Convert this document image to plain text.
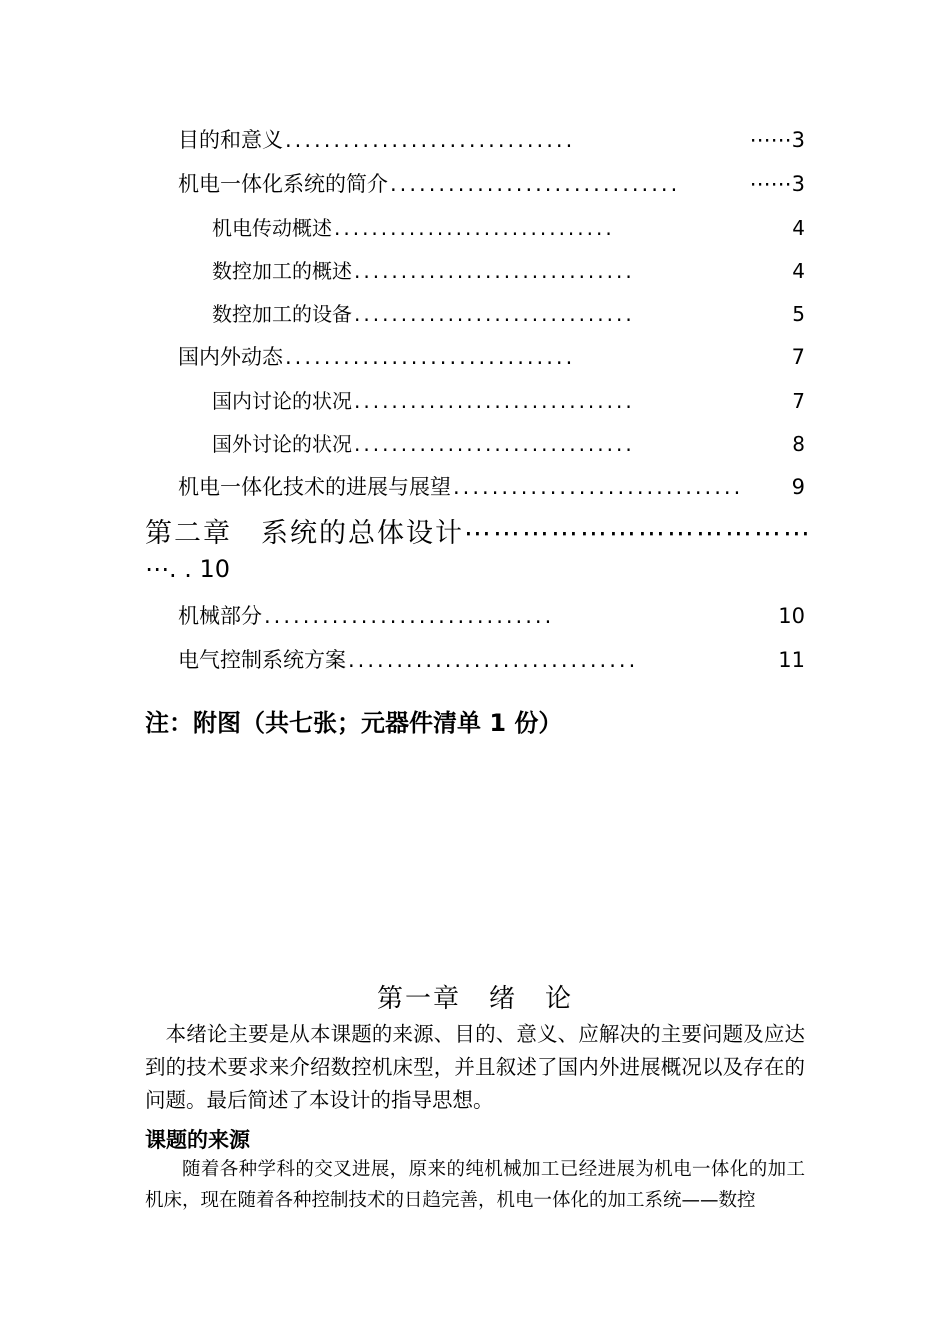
目的和意义 ..............................	⋯⋯3
机电一体化系统的简介 ..............................	⋯⋯3
机电传动概述 ..............................	4
数控加工的概述 ..............................	4
数控加工的设备 ..............................	5
国内外动态 ..............................	7
国内讨论的状况 ..............................	7
国外讨论的状况 ..............................	8
机电一体化技术的进展与展望 ..............................	9
第二章　系统的总体设计⋯⋯⋯⋯⋯⋯⋯⋯⋯⋯⋯⋯
⋯. . 10
机械部分 ..............................	10
电气控制系统方案 ..............................	11
注：附图（共七张；元器件清单 1 份）
第一章　绪　论

　本绪论主要是从本课题的来源、目的、意义、应解决的主要问题及应达到的技术要求来介绍数控机床型，并且叙述了国内外进展概况以及存在的问题。最后简述了本设计的指导思想。

课题的来源

随着各种学科的交叉进展，原来的纯机械加工已经进展为机电一体化的加工机床，现在随着各种控制技术的日趋完善，机电一体化的加工系统——数控
